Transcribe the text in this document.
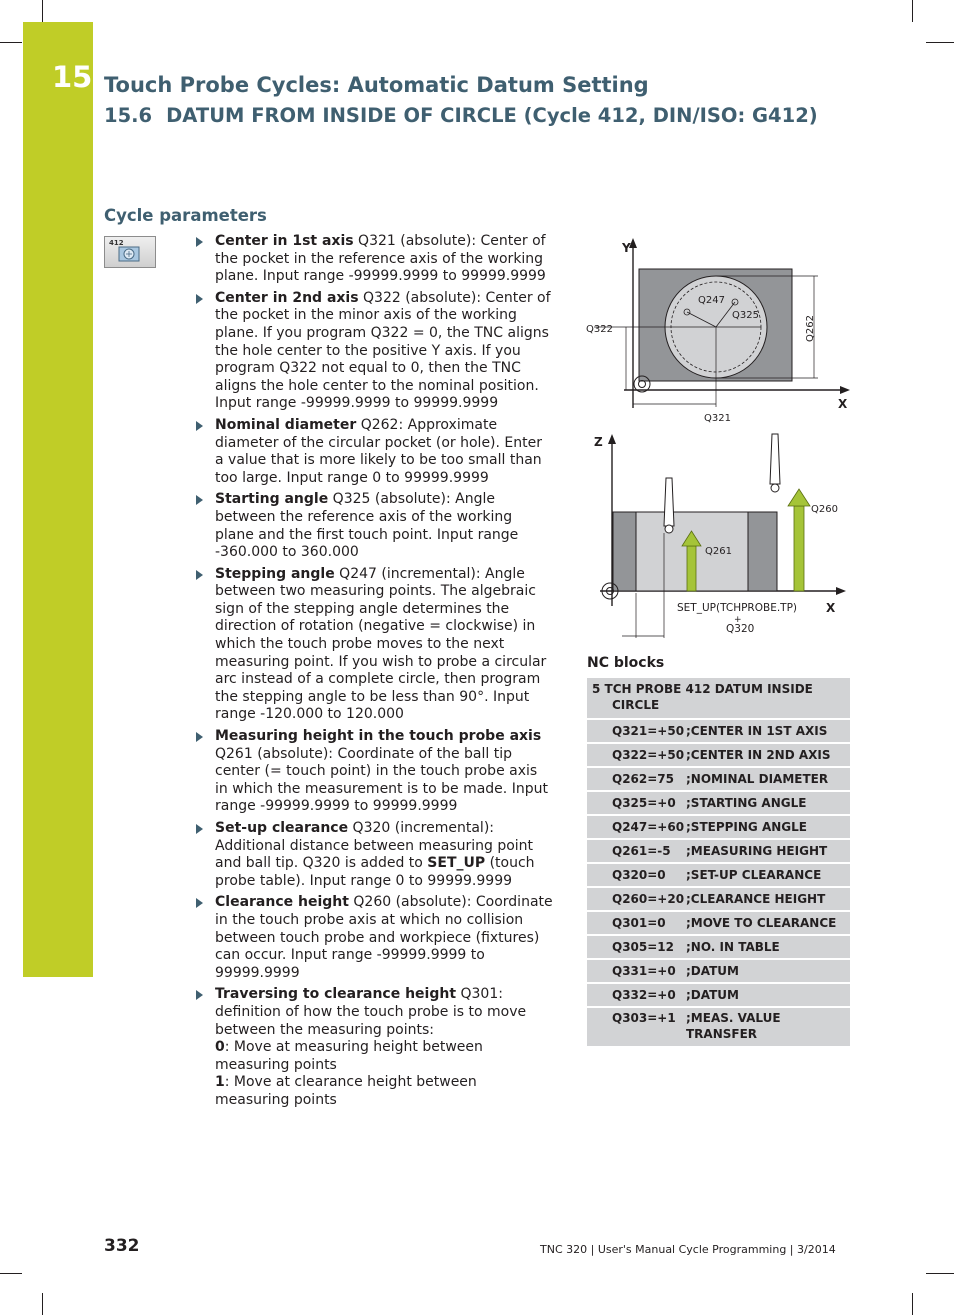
15 Touch Probe Cycles: Automatic Datum Setting
15.6 DATUM FROM INSIDE OF CIRCLE (Cycle 412, DIN/ISO: G412)
Cycle parameters
412	Center in 1st axis Q321 (absolute): Center of the pocket in the reference axis of the working plane. Input range -99999.9999 to 99999.9999
Center in 2nd axis Q322 (absolute): Center of the pocket in the minor axis of the working plane. If you program Q322 = 0, the TNC aligns the hole center to the positive Y axis. If you program Q322 not equal to 0, then the TNC aligns the hole center to the nominal position. Input range -99999.9999 to 99999.9999
Nominal diameter Q262: Approximate diameter of the circular pocket (or hole). Enter a value that is more likely to be too small than too large. Input range 0 to 99999.9999
Starting angle Q325 (absolute): Angle between the reference axis of the working plane and the first touch point. Input range -360.000 to 360.000
Stepping angle Q247 (incremental): Angle between two measuring points. The algebraic sign of the stepping angle determines the direction of rotation (negative = clockwise) in which the touch probe moves to the next measuring point. If you wish to probe a circular arc instead of a complete circle, then program the stepping angle to be less than 90°. Input range -120.000 to 120.000
Measuring height in the touch probe axis Q261 (absolute): Coordinate of the ball tip center (= touch point) in the touch probe axis in which the measurement is to be made. Input range -99999.9999 to 99999.9999
Set-up clearance Q320 (incremental): Additional distance between measuring point and ball tip. Q320 is added to SET_UP (touch probe table). Input range 0 to 99999.9999
Clearance height Q260 (absolute): Coordinate in the touch probe axis at which no collision between touch probe and workpiece (fixtures) can occur. Input range -99999.9999 to 99999.9999
Traversing to clearance height Q301: definition of how the touch probe is to move between the measuring points:
0: Move at measuring height between measuring points
1: Move at clearance height between measuring points
Y
X
Q247
Q325
Q322
Q321
Q262
Z
X
Q261
Q260
SET_UP(TCHPROBE.TP)
+
Q320
NC blocks
5 TCH PROBE 412 DATUM INSIDE
CIRCLE	

Q321=+50	;CENTER IN 1ST AXIS
Q322=+50	;CENTER IN 2ND AXIS
Q262=75	;NOMINAL DIAMETER
Q325=+0	;STARTING ANGLE
Q247=+60	;STEPPING ANGLE
Q261=-5	;MEASURING HEIGHT
Q320=0	;SET-UP CLEARANCE
Q260=+20	;CLEARANCE HEIGHT
Q301=0	;MOVE TO CLEARANCE
Q305=12	;NO. IN TABLE
Q331=+0	;DATUM
Q332=+0	;DATUM
Q303=+1	;MEAS. VALUE
TRANSFER
332	TNC 320 | User's Manual Cycle Programming | 3/2014
